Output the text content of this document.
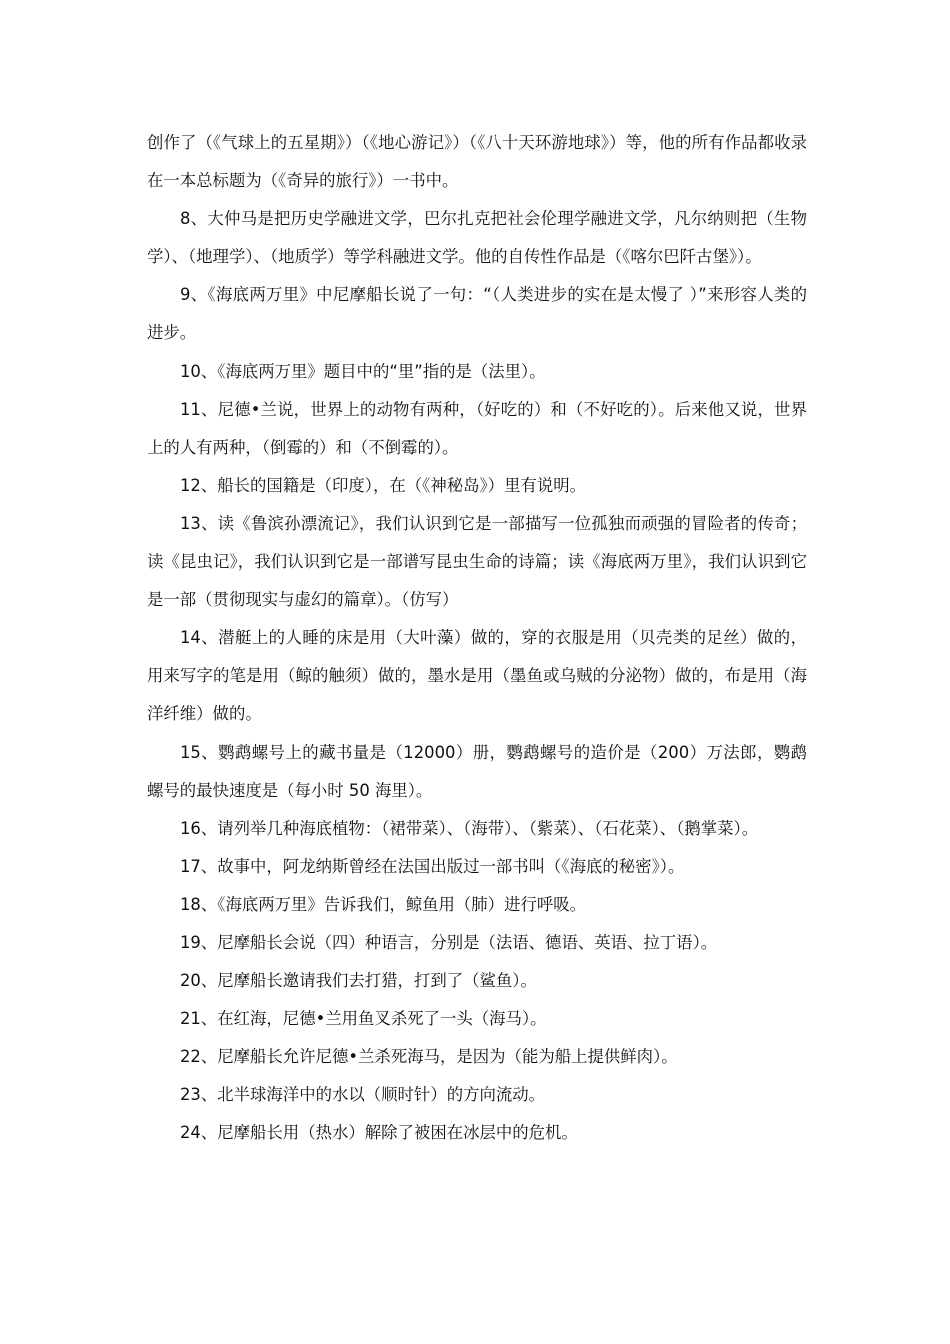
创作了（《气球上的五星期》）（《地心游记》）（《八十天环游地球》）等，他的所有作品都收录在一本总标题为（《奇异的旅行》）一书中。

8、大仲马是把历史学融进文学，巴尔扎克把社会伦理学融进文学，凡尔纳则把（生物学）、（地理学）、（地质学）等学科融进文学。他的自传性作品是（《喀尔巴阡古堡》）。

9、《海底两万里》中尼摩船长说了一句：“（人类进步的实在是太慢了 ）”来形容人类的进步。

10、《海底两万里》题目中的“里”指的是（法里）。

11、尼德•兰说，世界上的动物有两种，（好吃的）和（不好吃的）。后来他又说，世界上的人有两种，（倒霉的）和（不倒霉的）。

12、船长的国籍是（印度），在（《神秘岛》）里有说明。

13、读《鲁滨孙漂流记》，我们认识到它是一部描写一位孤独而顽强的冒险者的传奇；读《昆虫记》，我们认识到它是一部谱写昆虫生命的诗篇；读《海底两万里》，我们认识到它是一部（贯彻现实与虚幻的篇章）。（仿写）

14、潜艇上的人睡的床是用（大叶藻）做的，穿的衣服是用（贝壳类的足丝）做的，用来写字的笔是用（鲸的触须）做的，墨水是用（墨鱼或乌贼的分泌物）做的，布是用（海洋纤维）做的。

15、鹦鹉螺号上的藏书量是（12000）册，鹦鹉螺号的造价是（200）万法郎，鹦鹉螺号的最快速度是（每小时 50 海里）。

16、请列举几种海底植物：（裙带菜）、（海带）、（紫菜）、（石花菜）、（鹅掌菜）。

17、故事中，阿龙纳斯曾经在法国出版过一部书叫（《海底的秘密》）。

18、《海底两万里》告诉我们，鲸鱼用（肺）进行呼吸。

19、尼摩船长会说（四）种语言，分别是（法语、德语、英语、拉丁语）。

20、尼摩船长邀请我们去打猎，打到了（鲨鱼）。

21、在红海，尼德•兰用鱼叉杀死了一头（海马）。

22、尼摩船长允许尼德•兰杀死海马，是因为（能为船上提供鲜肉）。

23、北半球海洋中的水以（顺时针）的方向流动。

24、尼摩船长用（热水）解除了被困在冰层中的危机。
